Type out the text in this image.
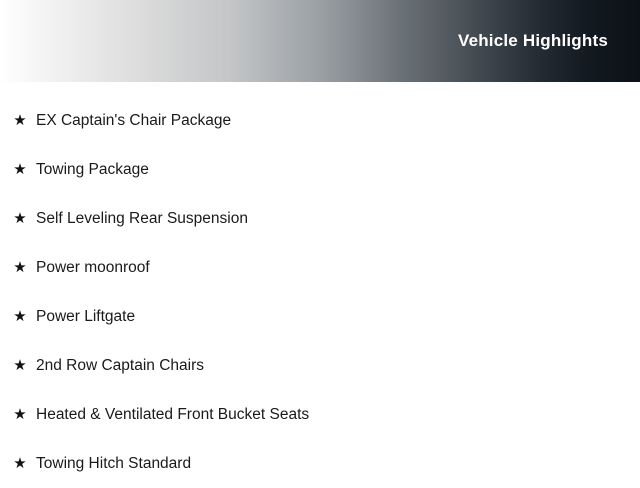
Vehicle Highlights
★ EX Captain's Chair Package
★ Towing Package
★ Self Leveling Rear Suspension
★ Power moonroof
★ Power Liftgate
★ 2nd Row Captain Chairs
★ Heated & Ventilated Front Bucket Seats
★ Towing Hitch Standard
